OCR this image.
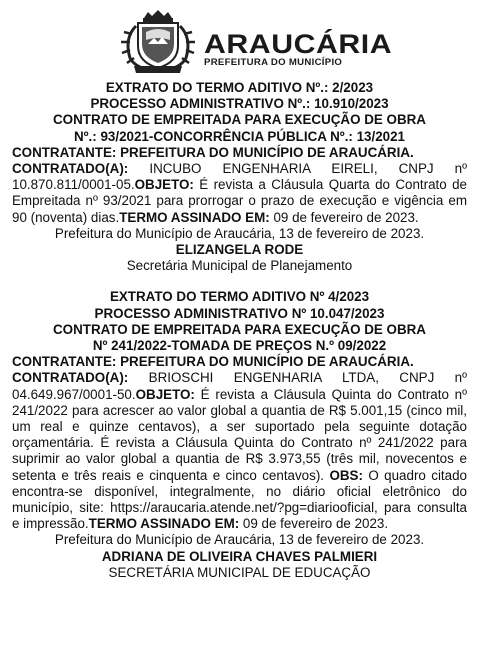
ARAUCÁRIA
PREFEITURA DO MUNICÍPIO
EXTRATO DO TERMO ADITIVO Nº.: 2/2023
PROCESSO ADMINISTRATIVO Nº.: 10.910/2023
CONTRATO DE EMPREITADA PARA EXECUÇÃO DE OBRA
Nº.: 93/2021-CONCORRÊNCIA PÚBLICA Nº.: 13/2021
CONTRATANTE: PREFEITURA DO MUNICÍPIO DE ARAUCÁRIA.

CONTRATADO(A): INCUBO ENGENHARIA EIRELI, CNPJ nº 10.870.811/0001-05.OBJETO: É revista a Cláusula Quarta do Contrato de Empreitada nº 93/2021 para prorrogar o prazo de execução e vigência em 90 (noventa) dias.TERMO ASSINADO EM: 09 de fevereiro de 2023.

Prefeitura do Município de Araucária, 13 de fevereiro de 2023.
ELIZANGELA RODE
Secretária Municipal de Planejamento
EXTRATO DO TERMO ADITIVO Nº 4/2023
PROCESSO ADMINISTRATIVO Nº 10.047/2023
CONTRATO DE EMPREITADA PARA EXECUÇÃO DE OBRA
Nº 241/2022-TOMADA DE PREÇOS N.º 09/2022
CONTRATANTE: PREFEITURA DO MUNICÍPIO DE ARAUCÁRIA.

CONTRATADO(A): BRIOSCHI ENGENHARIA LTDA, CNPJ nº 04.649.967/0001-50.OBJETO: É revista a Cláusula Quinta do Contrato nº 241/2022 para acrescer ao valor global a quantia de R$ 5.001,15 (cinco mil, um real e quinze centavos), a ser suportado pela seguinte dotação orçamentária. É revista a Cláusula Quinta do Contrato nº 241/2022 para suprimir ao valor global a quantia de R$ 3.973,55 (três mil, novecentos e setenta e três reais e cinquenta e cinco centavos). OBS: O quadro citado encontra-se disponível, integralmente, no diário oficial eletrônico do município, site: https://araucaria.atende.net/?pg=diariooficial, para consulta e impressão.TERMO ASSINADO EM: 09 de fevereiro de 2023.

Prefeitura do Município de Araucária, 13 de fevereiro de 2023.
ADRIANA DE OLIVEIRA CHAVES PALMIERI
SECRETÁRIA MUNICIPAL DE EDUCAÇÃO
